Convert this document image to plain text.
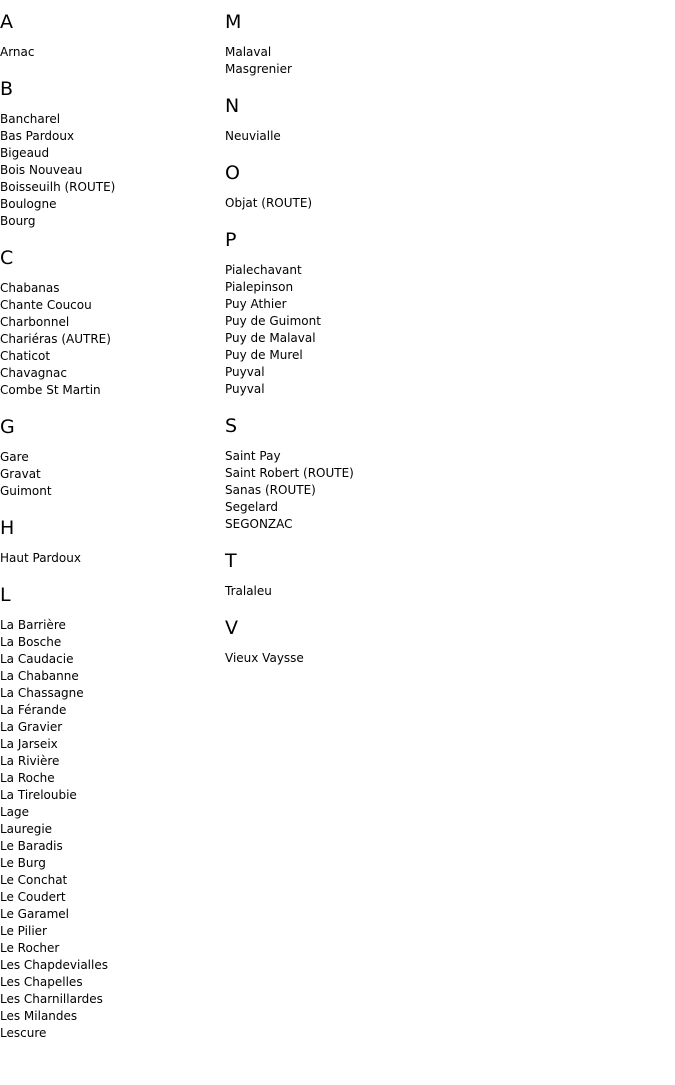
A
Arnac
B
Bancharel
Bas Pardoux
Bigeaud
Bois Nouveau
Boisseuilh (ROUTE)
Boulogne
Bourg
C
Chabanas
Chante Coucou
Charbonnel
Chariéras (AUTRE)
Chaticot
Chavagnac
Combe St Martin
G
Gare
Gravat
Guimont
H
Haut Pardoux
L
La Barrière
La Bosche
La Caudacie
La Chabanne
La Chassagne
La Férande
La Gravier
La Jarseix
La Rivière
La Roche
La Tireloubie
Lage
Lauregie
Le Baradis
Le Burg
Le Conchat
Le Coudert
Le Garamel
Le Pilier
Le Rocher
Les Chapdevialles
Les Chapelles
Les Charnillardes
Les Milandes
Lescure
M
Malaval
Masgrenier
N
Neuvialle
O
Objat (ROUTE)
P
Pialechavant
Pialepinson
Puy Athier
Puy de Guimont
Puy de Malaval
Puy de Murel
Puyval
Puyval
S
Saint Pay
Saint Robert (ROUTE)
Sanas (ROUTE)
Segelard
SEGONZAC
T
Tralaleu
V
Vieux Vaysse
